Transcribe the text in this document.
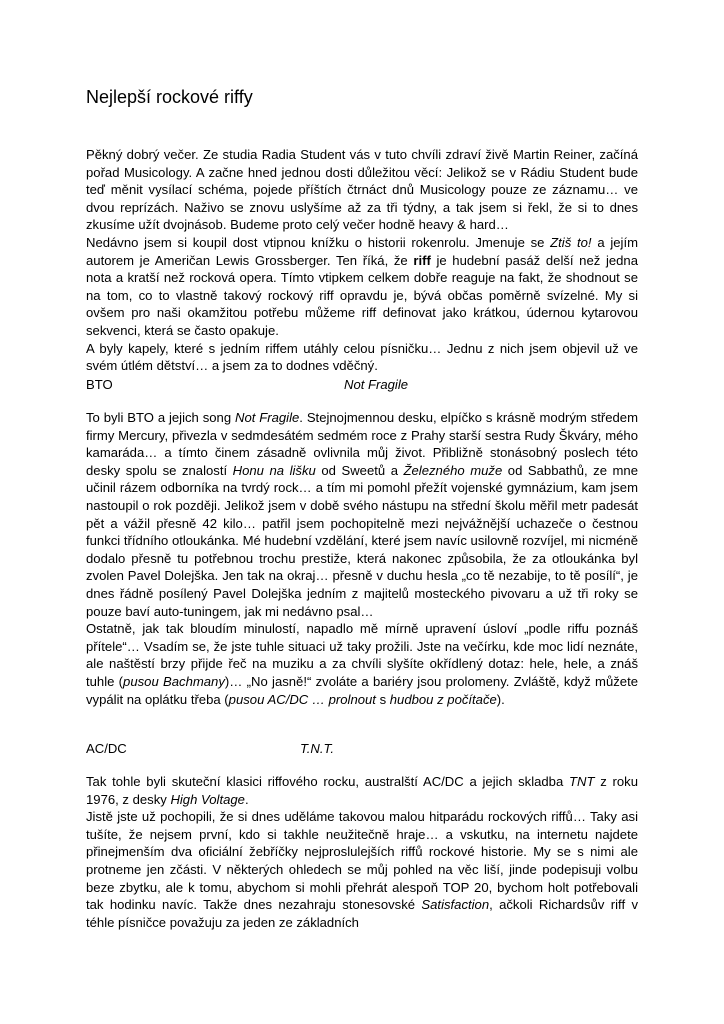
Nejlepší rockové riffy

Pěkný dobrý večer. Ze studia Radia Student vás v tuto chvíli zdraví živě Martin Reiner, začíná pořad Musicology. A začne hned jednou dosti důležitou věcí: Jelikož se v Rádiu Student bude teď měnit vysílací schéma, pojede příštích čtrnáct dnů Musicology pouze ze záznamu… ve dvou reprízách. Naživo se znovu uslyšíme až za tři týdny, a tak jsem si řekl, že si to dnes zkusíme užít dvojnásob. Budeme proto celý večer hodně heavy & hard…

Nedávno jsem si koupil dost vtipnou knížku o historii rokenrolu. Jmenuje se Ztiš to! a jejím autorem je Američan Lewis Grossberger. Ten říká, že riff je hudební pasáž delší než jedna nota a kratší než rocková opera. Tímto vtipkem celkem dobře reaguje na fakt, že shodnout se na tom, co to vlastně takový rockový riff opravdu je, bývá občas poměrně svízelné. My si ovšem pro naši okamžitou potřebu můžeme riff definovat jako krátkou, údernou kytarovou sekvenci, která se často opakuje.

A byly kapely, které s jedním riffem utáhly celou písničku… Jednu z nich jsem objevil už ve svém útlém dětství… a jsem za to dodnes vděčný.

BTO	Not Fragile

To byli BTO a jejich song Not Fragile. Stejnojmennou desku, elpíčko s krásně modrým středem firmy Mercury, přivezla v sedmdesátém sedmém roce z Prahy starší sestra Rudy Škváry, mého kamaráda… a tímto činem zásadně ovlivnila můj život. Přibližně stonásobný poslech této desky spolu se znalostí Honu na lišku od Sweetů a Železného muže od Sabbathů, ze mne učinil rázem odborníka na tvrdý rock… a tím mi pomohl přežít vojenské gymnázium, kam jsem nastoupil o rok později. Jelikož jsem v době svého nástupu na střední školu měřil metr padesát pět a vážil přesně 42 kilo… patřil jsem pochopitelně mezi nejvážnější uchazeče o čestnou funkci třídního otloukánka. Mé hudební vzdělání, které jsem navíc usilovně rozvíjel, mi nicméně dodalo přesně tu potřebnou trochu prestiže, která nakonec způsobila, že za otloukánka byl zvolen Pavel Dolejška. Jen tak na okraj… přesně v duchu hesla „co tě nezabije, to tě posílí“, je dnes řádně posílený Pavel Dolejška jedním z majitelů mosteckého pivovaru a už tři roky se pouze baví auto-tuningem, jak mi nedávno psal…

Ostatně, jak tak bloudím minulostí, napadlo mě mírně upravení úsloví „podle riffu poznáš přítele“… Vsadím se, že jste tuhle situaci už taky prožili. Jste na večírku, kde moc lidí neznáte, ale naštěstí brzy přijde řeč na muziku a za chvíli slyšíte okřídlený dotaz: hele, hele, a znáš tuhle (pusou Bachmany)… „No jasně!“ zvoláte a bariéry jsou prolomeny. Zvláště, když můžete vypálit na oplátku třeba (pusou AC/DC … prolnout s hudbou z počítače).

AC/DC	T.N.T.

Tak tohle byli skuteční klasici riffového rocku, australští AC/DC a jejich skladba TNT z roku 1976, z desky High Voltage.

Jistě jste už pochopili, že si dnes uděláme takovou malou hitparádu rockových riffů… Taky asi tušíte, že nejsem první, kdo si takhle neužitečně hraje… a vskutku, na internetu najdete přinejmenším dva oficiální žebříčky nejproslulejších riffů rockové historie. My se s nimi ale protneme jen zčásti. V některých ohledech se můj pohled na věc liší, jinde podepisuji volbu beze zbytku, ale k tomu, abychom si mohli přehrát alespoň TOP 20, bychom holt potřebovali tak hodinku navíc. Takže dnes nezahraju stonesovské Satisfaction, ačkoli Richardsův riff v téhle písničce považuju za jeden ze základních
